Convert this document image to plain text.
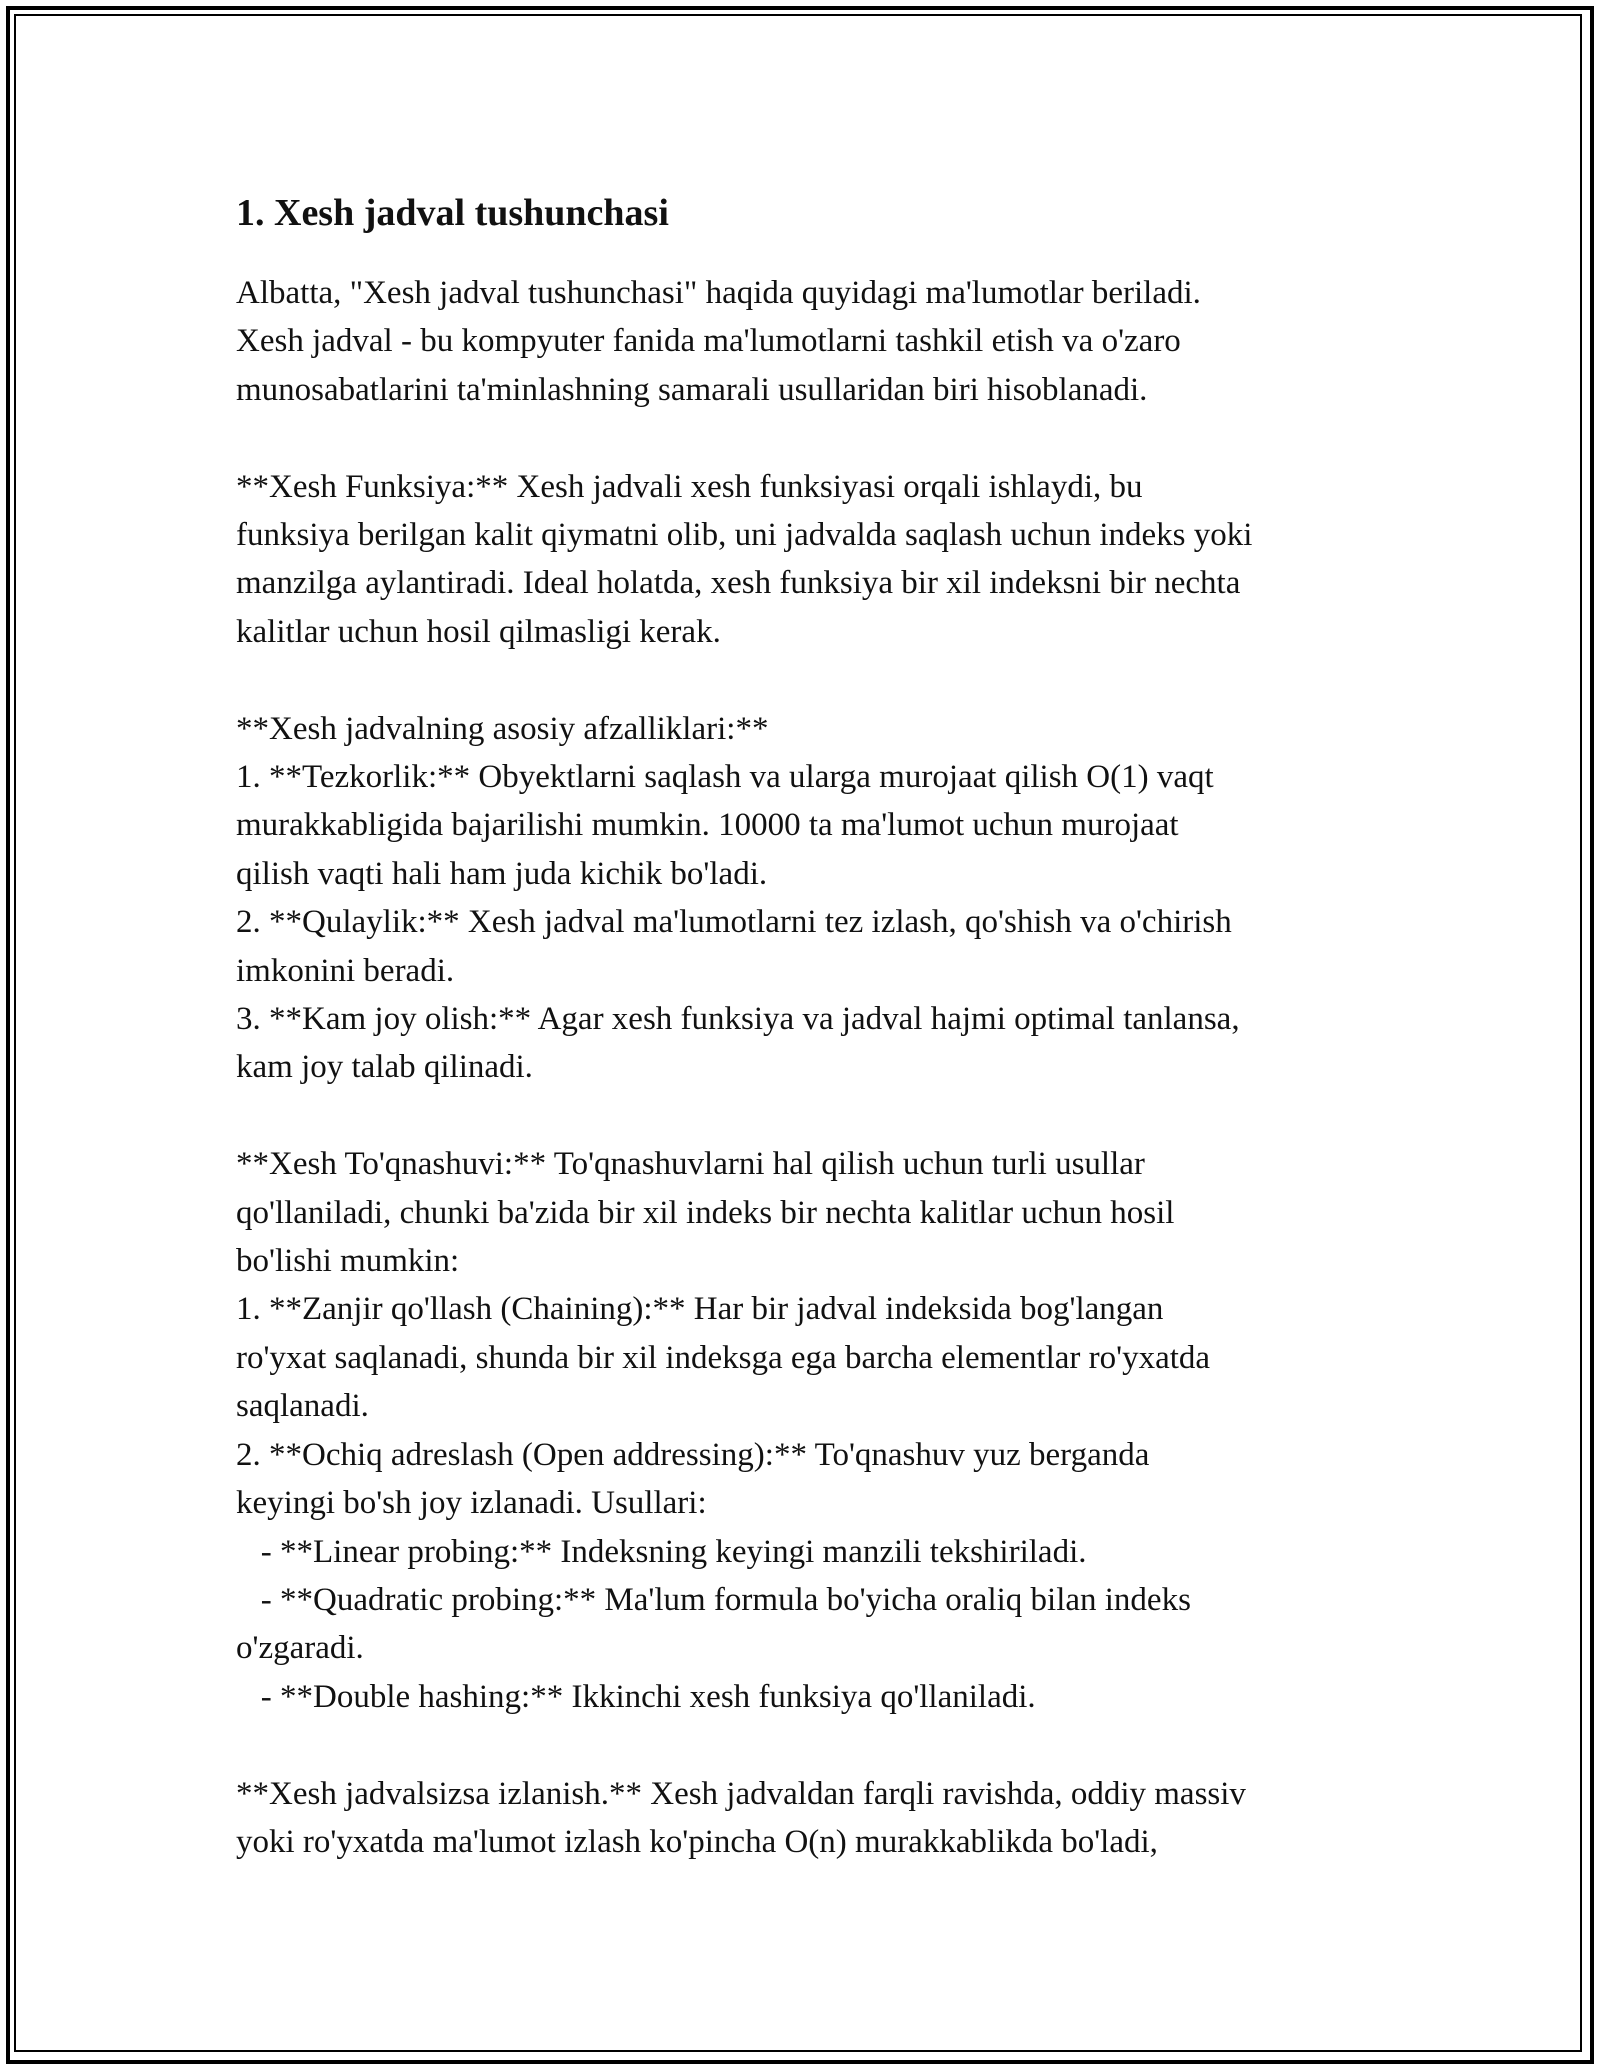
1. Xesh jadval tushunchasi
Albatta, "Xesh jadval tushunchasi" haqida quyidagi ma'lumotlar beriladi.
Xesh jadval - bu kompyuter fanida ma'lumotlarni tashkil etish va o'zaro
munosabatlarini ta'minlashning samarali usullaridan biri hisoblanadi.
**Xesh Funksiya:** Xesh jadvali xesh funksiyasi orqali ishlaydi, bu
funksiya berilgan kalit qiymatni olib, uni jadvalda saqlash uchun indeks yoki
manzilga aylantiradi. Ideal holatda, xesh funksiya bir xil indeksni bir nechta
kalitlar uchun hosil qilmasligi kerak.
**Xesh jadvalning asosiy afzalliklari:**
1. **Tezkorlik:** Obyektlarni saqlash va ularga murojaat qilish O(1) vaqt
murakkabligida bajarilishi mumkin. 10000 ta ma'lumot uchun murojaat
qilish vaqti hali ham juda kichik bo'ladi.
2. **Qulaylik:** Xesh jadval ma'lumotlarni tez izlash, qo'shish va o'chirish
imkonini beradi.
3. **Kam joy olish:** Agar xesh funksiya va jadval hajmi optimal tanlansa,
kam joy talab qilinadi.
**Xesh To'qnashuvi:** To'qnashuvlarni hal qilish uchun turli usullar
qo'llaniladi, chunki ba'zida bir xil indeks bir nechta kalitlar uchun hosil
bo'lishi mumkin:
1. **Zanjir qo'llash (Chaining):** Har bir jadval indeksida bog'langan
ro'yxat saqlanadi, shunda bir xil indeksga ega barcha elementlar ro'yxatda
saqlanadi.
2. **Ochiq adreslash (Open addressing):** To'qnashuv yuz berganda
keyingi bo'sh joy izlanadi. Usullari:
- **Linear probing:** Indeksning keyingi manzili tekshiriladi.
- **Quadratic probing:** Ma'lum formula bo'yicha oraliq bilan indeks
o'zgaradi.
- **Double hashing:** Ikkinchi xesh funksiya qo'llaniladi.
**Xesh jadvalsizsa izlanish.** Xesh jadvaldan farqli ravishda, oddiy massiv
yoki ro'yxatda ma'lumot izlash ko'pincha O(n) murakkablikda bo'ladi,
